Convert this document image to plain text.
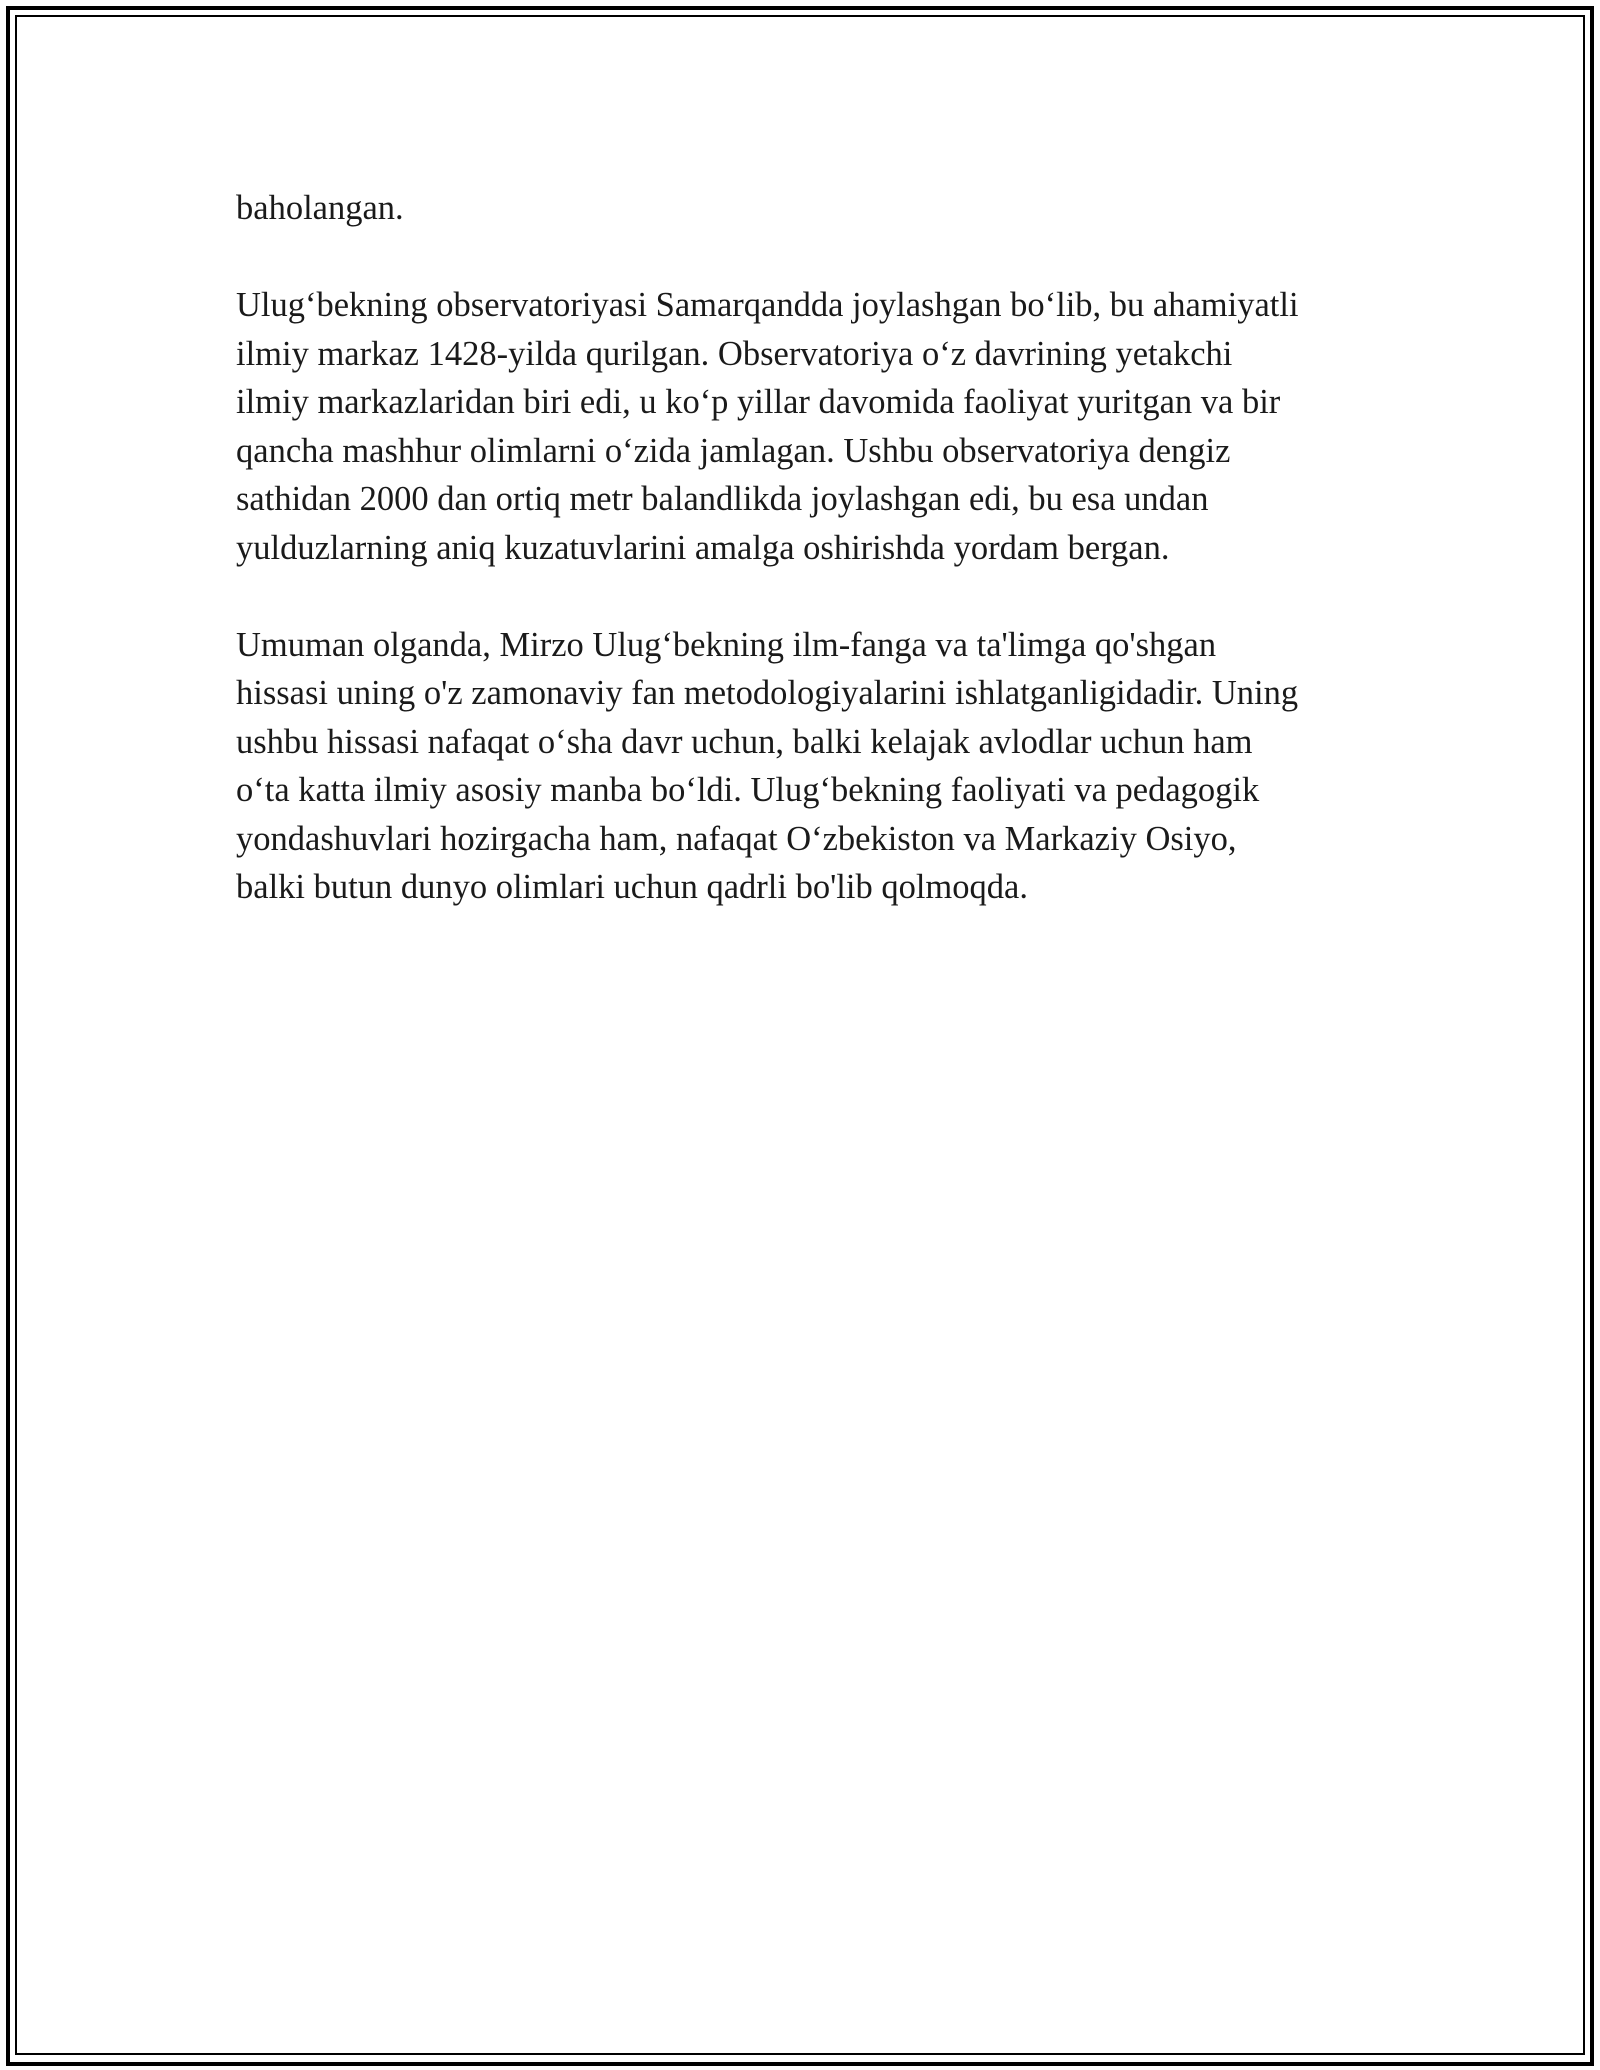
baholangan.

Ulug‘bekning observatoriyasi Samarqandda joylashgan bo‘lib, bu ahamiyatli
ilmiy markaz 1428-yilda qurilgan. Observatoriya o‘z davrining yetakchi
ilmiy markazlaridan biri edi, u ko‘p yillar davomida faoliyat yuritgan va bir
qancha mashhur olimlarni o‘zida jamlagan. Ushbu observatoriya dengiz
sathidan 2000 dan ortiq metr balandlikda joylashgan edi, bu esa undan
yulduzlarning aniq kuzatuvlarini amalga oshirishda yordam bergan.

Umuman olganda, Mirzo Ulug‘bekning ilm-fanga va ta'limga qo'shgan
hissasi uning o'z zamonaviy fan metodologiyalarini ishlatganligidadir. Uning
ushbu hissasi nafaqat o‘sha davr uchun, balki kelajak avlodlar uchun ham
o‘ta katta ilmiy asosiy manba bo‘ldi. Ulug‘bekning faoliyati va pedagogik
yondashuvlari hozirgacha ham, nafaqat O‘zbekiston va Markaziy Osiyo,
balki butun dunyo olimlari uchun qadrli bo'lib qolmoqda.
